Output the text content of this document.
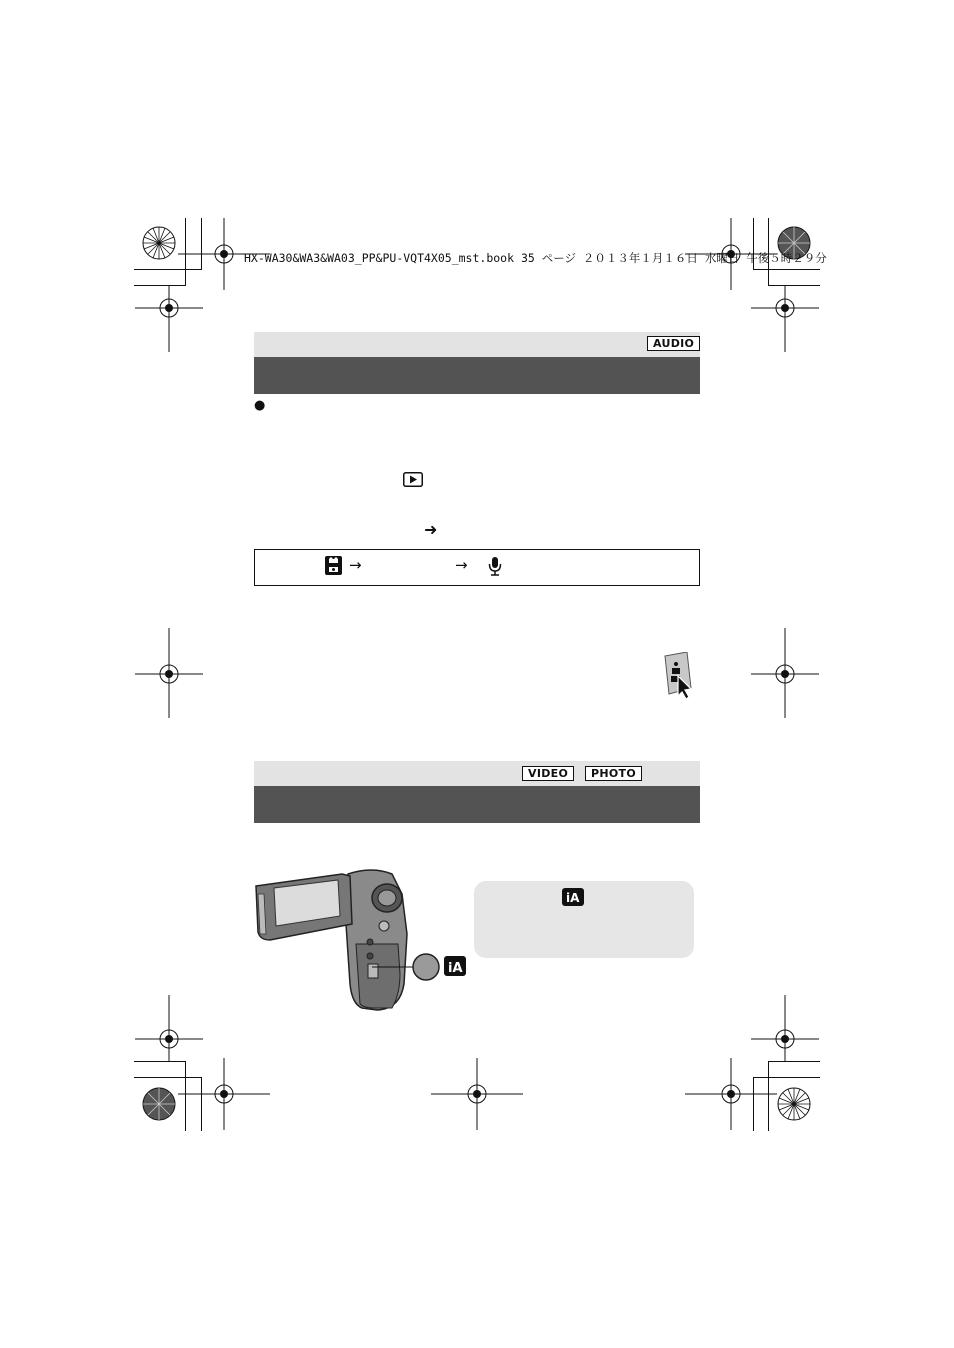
HX-WA30&WA3&WA03_PP&PU-VQT4X05_mst.book 35 ページ ２０１３年１月１６日 水曜日 午後５時２９分
AUDIO
●
➜
→	→
VIDEO	PHOTO
iA
iA
